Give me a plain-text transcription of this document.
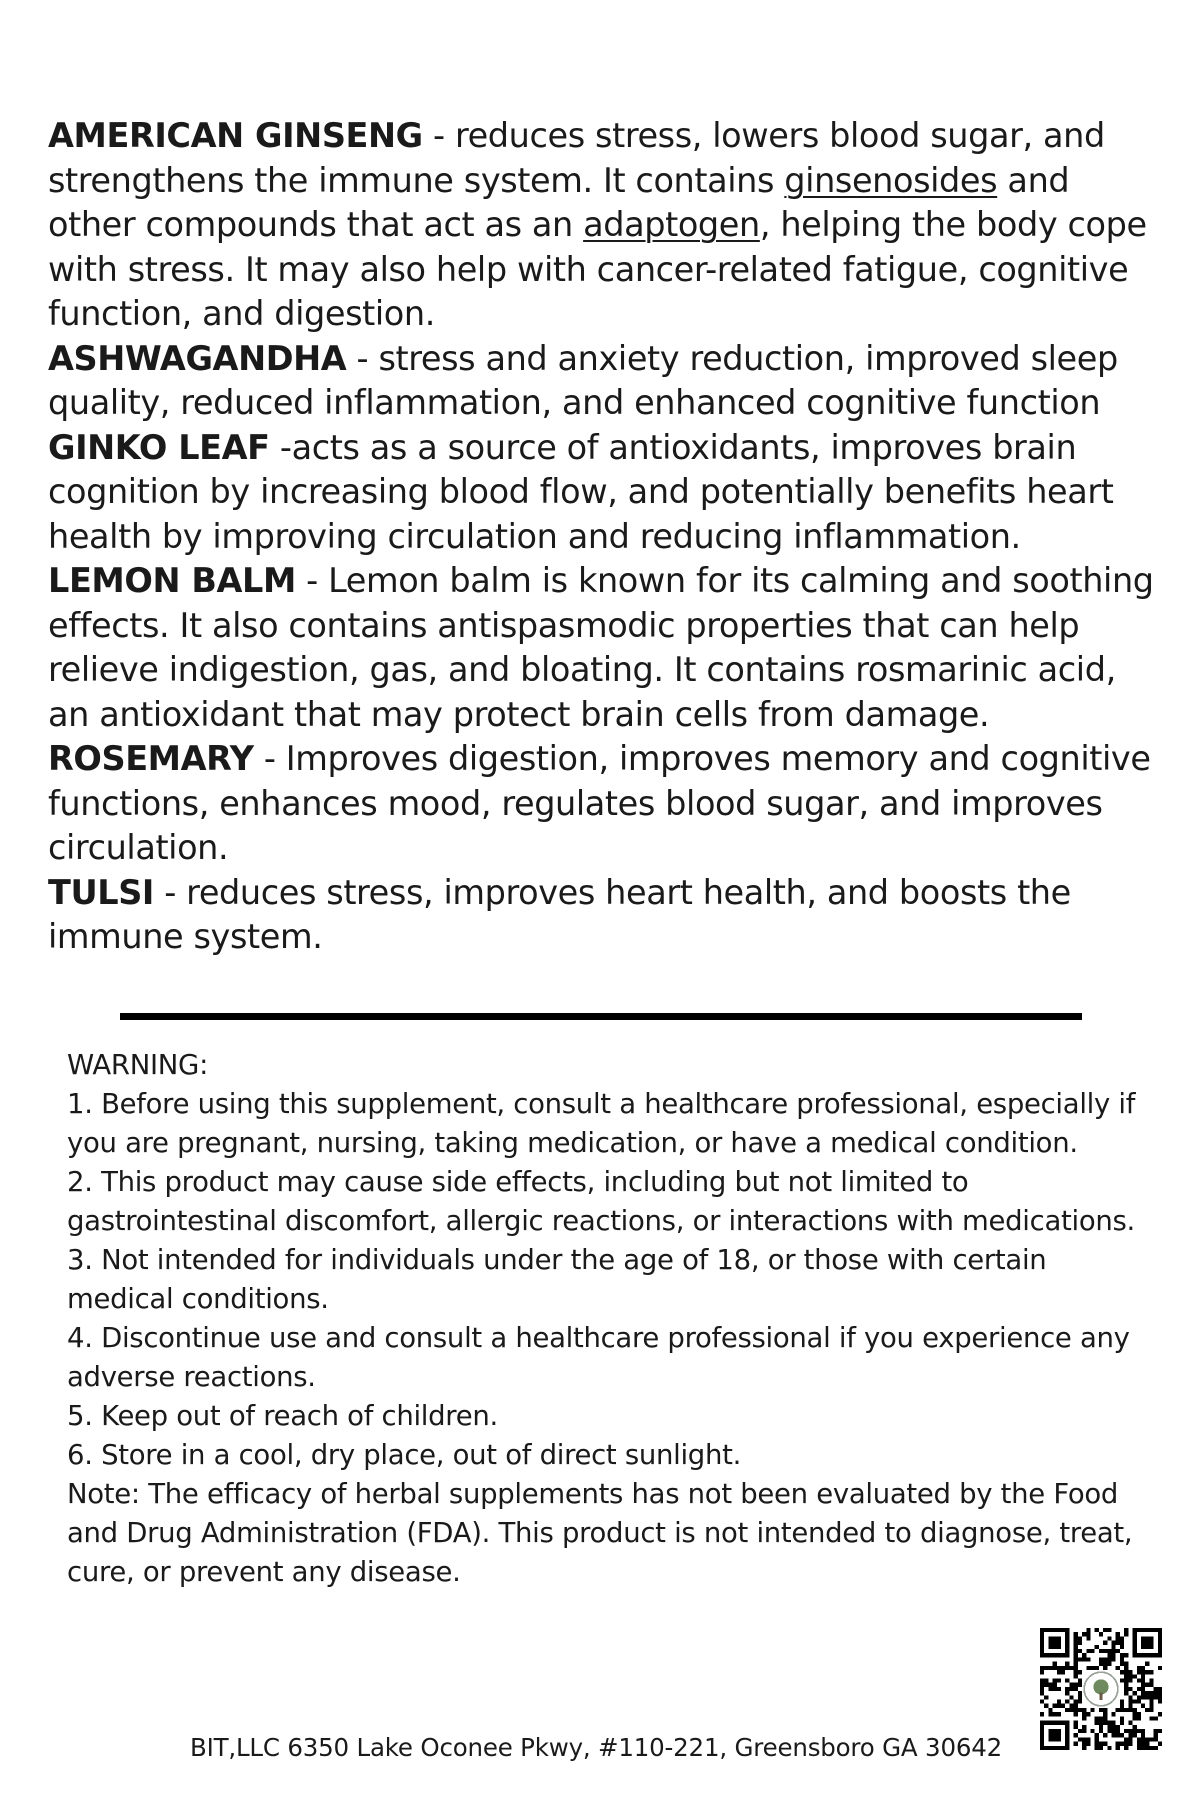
AMERICAN GINSENG - reduces stress, lowers blood sugar, and strengthens the immune system. It contains ginsenosides and other compounds that act as an adaptogen, helping the body cope with stress. It may also help with cancer-related fatigue, cognitive function, and digestion.

ASHWAGANDHA - stress and anxiety reduction, improved sleep quality, reduced inflammation, and enhanced cognitive function

GINKO LEAF -acts as a source of antioxidants, improves brain cognition by increasing blood flow, and potentially benefits heart health by improving circulation and reducing inflammation.

LEMON BALM - Lemon balm is known for its calming and soothing effects. It also contains antispasmodic properties that can help relieve indigestion, gas, and bloating. It contains rosmarinic acid, an antioxidant that may protect brain cells from damage.

ROSEMARY - Improves digestion, improves memory and cognitive functions, enhances mood, regulates blood sugar, and improves circulation.

TULSI - reduces stress, improves heart health, and boosts the immune system.

WARNING:

1. Before using this supplement, consult a healthcare professional, especially if you are pregnant, nursing, taking medication, or have a medical condition.

2. This product may cause side effects, including but not limited to gastrointestinal discomfort, allergic reactions, or interactions with medications.

3. Not intended for individuals under the age of 18, or those with certain medical conditions.

4. Discontinue use and consult a healthcare professional if you experience any adverse reactions.

5. Keep out of reach of children.

6. Store in a cool, dry place, out of direct sunlight.

Note: The efficacy of herbal supplements has not been evaluated by the Food and Drug Administration (FDA). This product is not intended to diagnose, treat, cure, or prevent any disease.

BIT,LLC 6350 Lake Oconee Pkwy, #110-221, Greensboro GA 30642
